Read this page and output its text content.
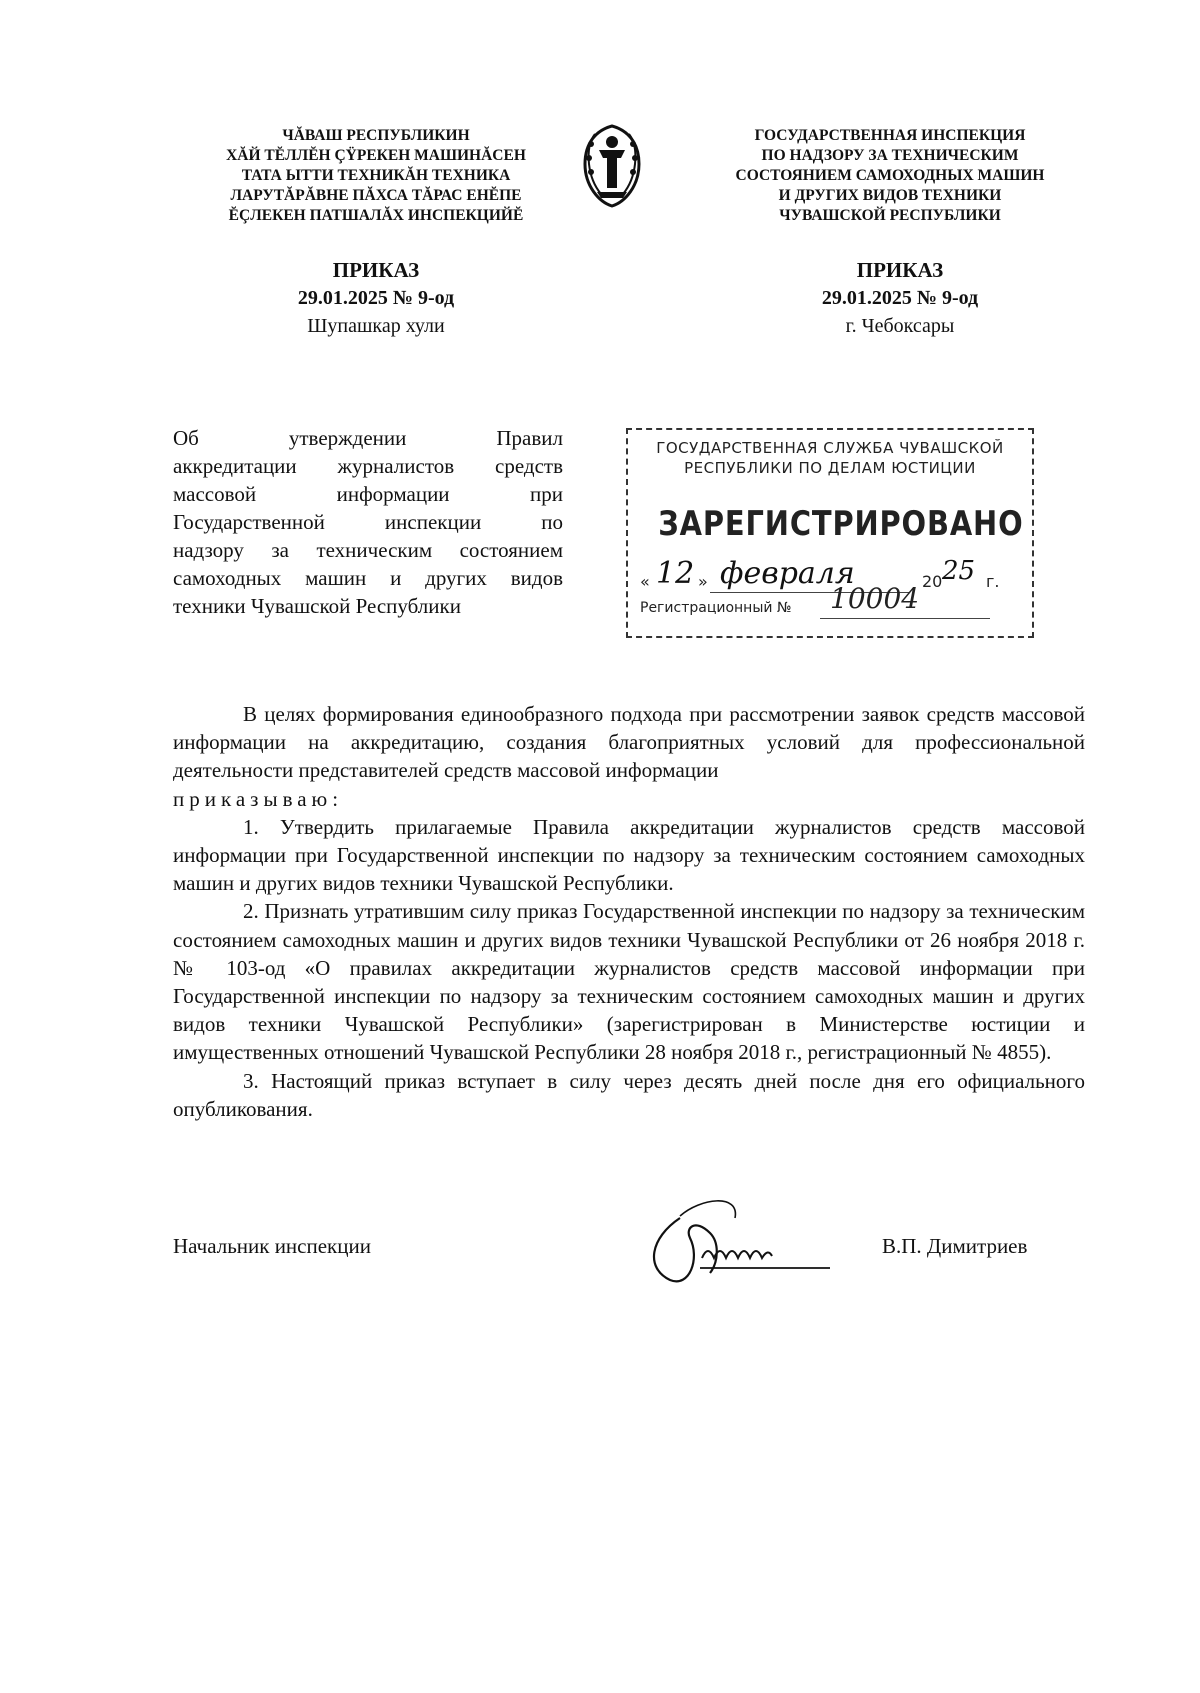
ЧĂВАШ РЕСПУБЛИКИН
ХĂЙ ТĔЛЛĔН ÇŸРЕКЕН МАШИНĂСЕН
ТАТА ЫТТИ ТЕХНИКĂН ТЕХНИКА
ЛАРУТĂРĂВНЕ ПĂХСА ТĂРАС ЕНĔПЕ
ĔÇЛЕКЕН ПАТШАЛĂХ ИНСПЕКЦИЙĔ
ГОСУДАРСТВЕННАЯ ИНСПЕКЦИЯ
ПО НАДЗОРУ ЗА ТЕХНИЧЕСКИМ
СОСТОЯНИЕМ САМОХОДНЫХ МАШИН
И ДРУГИХ ВИДОВ ТЕХНИКИ
ЧУВАШСКОЙ РЕСПУБЛИКИ
ПРИКАЗ
29.01.2025 № 9-од
Шупашкар хули
ПРИКАЗ
29.01.2025 № 9-од
г. Чебоксары
Об утверждении Правил
аккредитации журналистов средств
массовой информации при
Государственной инспекции по
надзору за техническим состоянием
самоходных машин и других видов
техники Чувашской Республики
ГОСУДАРСТВЕННАЯ СЛУЖБА ЧУВАШСКОЙ
РЕСПУБЛИКИ ПО ДЕЛАМ ЮСТИЦИИ
ЗАРЕГИСТРИРОВАНО
« 12 » февраля	20 25 г.
Регистрационный № 10004

В целях формирования единообразного подхода при рассмотрении заявок средств массовой информации на аккредитацию, создания благоприятных условий для профессиональной деятельности представителей средств массовой информации

приказываю:

1. Утвердить прилагаемые Правила аккредитации журналистов средств массовой информации при Государственной инспекции по надзору за техническим состоянием самоходных машин и других видов техники Чувашской Республики.

2. Признать утратившим силу приказ Государственной инспекции по надзору за техническим состоянием самоходных машин и других видов техники Чувашской Республики от 26 ноября 2018 г. № 103-од «О правилах аккредитации журналистов средств массовой информации при Государственной инспекции по надзору за техническим состоянием самоходных машин и других видов техники Чувашской Республики» (зарегистрирован в Министерстве юстиции и имущественных отношений Чувашской Республики 28 ноября 2018 г., регистрационный № 4855).

3. Настоящий приказ вступает в силу через десять дней после дня его официального опубликования.

Начальник инспекции	В.П. Димитриев
